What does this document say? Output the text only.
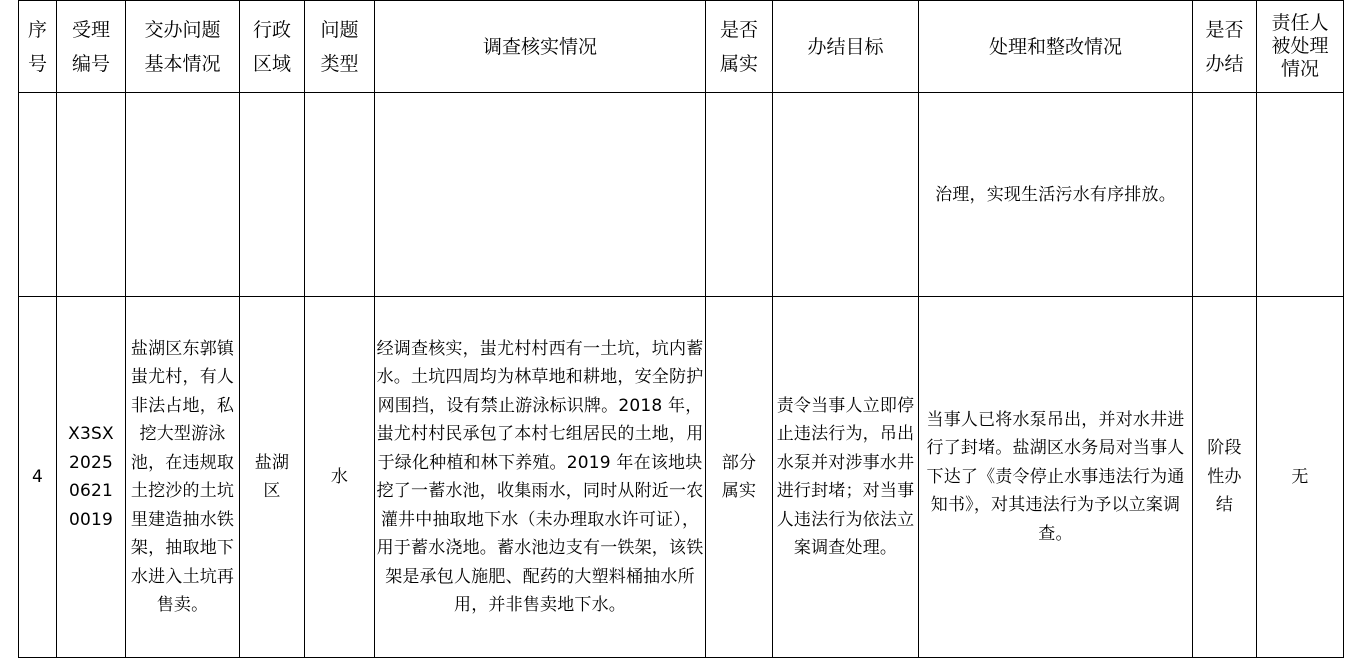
序号	受理编号	交办问题基本情况	行政区域	问题类型	调查核实情况	是否属实	办结目标	处理和整改情况	是否办结	责任人被处理情况

								治理，实现生活污水有序排放。		

4	X3SX20250621 0019	盐湖区东郭镇蚩尤村，有人非法占地，私挖大型游泳池，在违规取土挖沙的土坑里建造抽水铁架，抽取地下水进入土坑再售卖。	盐湖区	水	经调查核实，蚩尤村村西有一土坑，坑内蓄水。土坑四周均为林草地和耕地，安全防护网围挡，设有禁止游泳标识牌。2018 年，蚩尤村村民承包了本村七组居民的土地，用于绿化种植和林下养殖。2019 年在该地块挖了一蓄水池，收集雨水，同时从附近一农灌井中抽取地下水（未办理取水许可证），用于蓄水浇地。蓄水池边支有一铁架，该铁架是承包人施肥、配药的大塑料桶抽水所用，并非售卖地下水。	部分属实	责令当事人立即停止违法行为，吊出水泵并对涉事水井进行封堵；对当事人违法行为依法立案调查处理。	当事人已将水泵吊出，并对水井进行了封堵。盐湖区水务局对当事人下达了《责令停止水事违法行为通知书》，对其违法行为予以立案调查。	阶段性办结	无
